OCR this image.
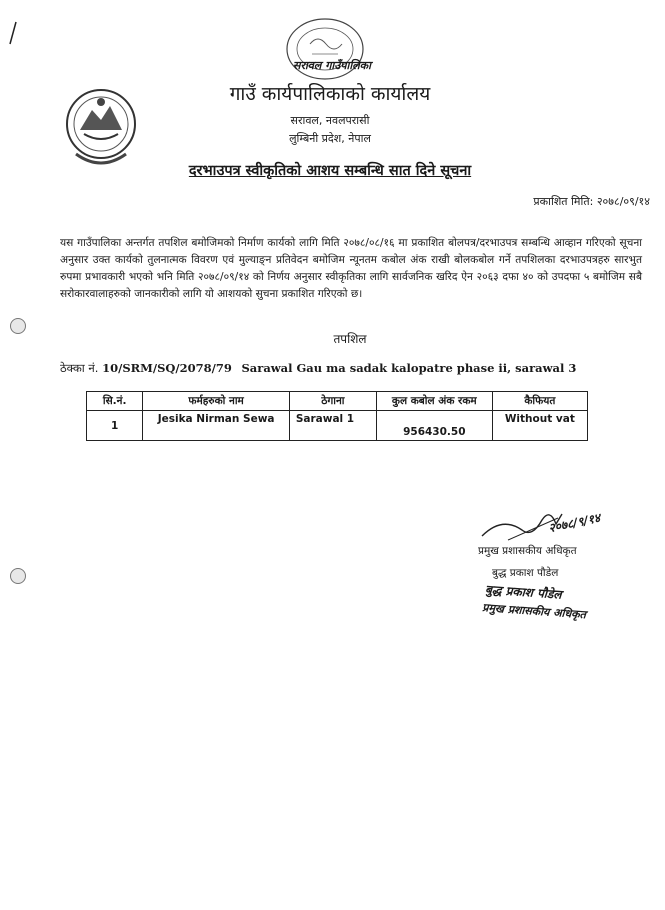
सरावल गाउँपालिका
गाउँ कार्यपालिकाको कार्यालय
सरावल, नवलपरासी
लुम्बिनी प्रदेश, नेपाल
दरभाउपत्र स्वीकृतिको आशय सम्बन्धि सात दिने सूचना
प्रकाशित मिति: २०७८/०९/१४
यस गाउँपालिका अन्तर्गत तपशिल बमोजिमको निर्माण कार्यको लागि मिति २०७८/०८/१६ मा प्रकाशित बोलपत्र/दरभाउपत्र सम्बन्धि आव्हान गरिएको सूचना अनुसार उक्त कार्यको तुलनात्मक विवरण एवं मुल्याङ्न प्रतिवेदन बमोजिम न्यूनतम कबोल अंक राखी बोलकबोल गर्ने तपशिलका दरभाउपत्रहरु सारभुत रुपमा प्रभावकारी भएको भनि मिति २०७८/०९/१४ को निर्णय अनुसार स्वीकृतिका लागि सार्वजनिक खरिद ऐन २०६३ दफा ४० को उपदफा ५ बमोजिम सबै सरोकारवालाहरुको जानकारीको लागि यो आशयको सुचना प्रकाशित गरिएको छ।
तपशिल
ठेक्का नं. 10/SRM/SQ/2078/79 Sarawal Gau ma sadak kalopatre phase ii, sarawal 3
सि.नं.	फर्महरुको नाम	ठेगाना	कुल कबोल अंक रकम	कैफियत
1	Jesika Nirman Sewa	Sarawal 1	956430.50	Without vat
२०७८/९/१४
प्रमुख प्रशासकीय अधिकृत
बुद्ध प्रकाश पौडेल
बुद्ध प्रकाश पौडेल
प्रमुख प्रशासकीय अधिकृत
